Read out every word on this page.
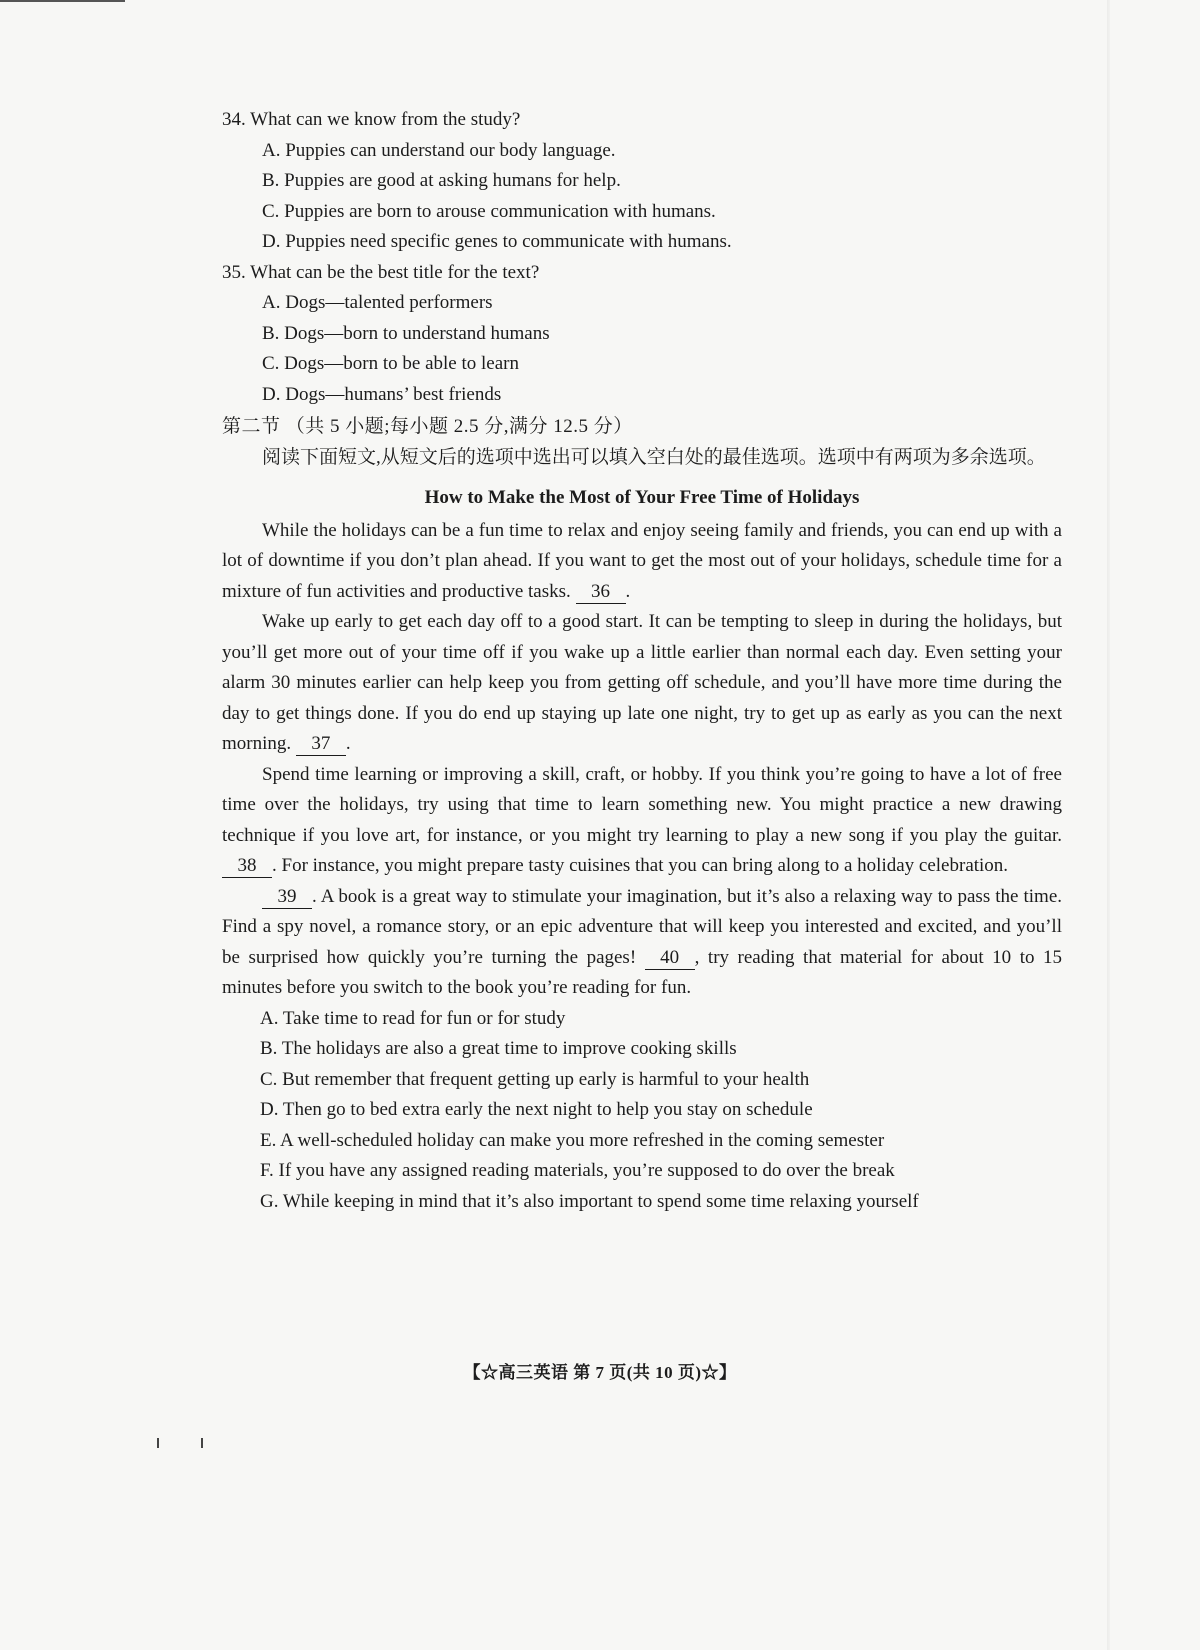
34. What can we know from the study?

A. Puppies can understand our body language.

B. Puppies are good at asking humans for help.

C. Puppies are born to arouse communication with humans.

D. Puppies need specific genes to communicate with humans.

35. What can be the best title for the text?

A. Dogs—talented performers

B. Dogs—born to understand humans

C. Dogs—born to be able to learn

D. Dogs—humans’ best friends

第二节 （共 5 小题;每小题 2.5 分,满分 12.5 分）

阅读下面短文,从短文后的选项中选出可以填入空白处的最佳选项。选项中有两项为多余选项。

How to Make the Most of Your Free Time of Holidays

While the holidays can be a fun time to relax and enjoy seeing family and friends, you can end up with a lot of downtime if you don’t plan ahead. If you want to get the most out of your holidays, schedule time for a mixture of fun activities and productive tasks. 36 .

Wake up early to get each day off to a good start. It can be tempting to sleep in during the holidays, but you’ll get more out of your time off if you wake up a little earlier than normal each day. Even setting your alarm 30 minutes earlier can help keep you from getting off schedule, and you’ll have more time during the day to get things done. If you do end up staying up late one night, try to get up as early as you can the next morning. 37 .

Spend time learning or improving a skill, craft, or hobby. If you think you’re going to have a lot of free time over the holidays, try using that time to learn something new. You might practice a new drawing technique if you love art, for instance, or you might try learning to play a new song if you play the guitar. 38 . For instance, you might prepare tasty cuisines that you can bring along to a holiday celebration.

39 . A book is a great way to stimulate your imagination, but it’s also a relaxing way to pass the time. Find a spy novel, a romance story, or an epic adventure that will keep you interested and excited, and you’ll be surprised how quickly you’re turning the pages! 40 , try reading that material for about 10 to 15 minutes before you switch to the book you’re reading for fun.

A. Take time to read for fun or for study

B. The holidays are also a great time to improve cooking skills

C. But remember that frequent getting up early is harmful to your health

D. Then go to bed extra early the next night to help you stay on schedule

E. A well-scheduled holiday can make you more refreshed in the coming semester

F. If you have any assigned reading materials, you’re supposed to do over the break

G. While keeping in mind that it’s also important to spend some time relaxing yourself

【☆高三英语 第 7 页(共 10 页)☆】
